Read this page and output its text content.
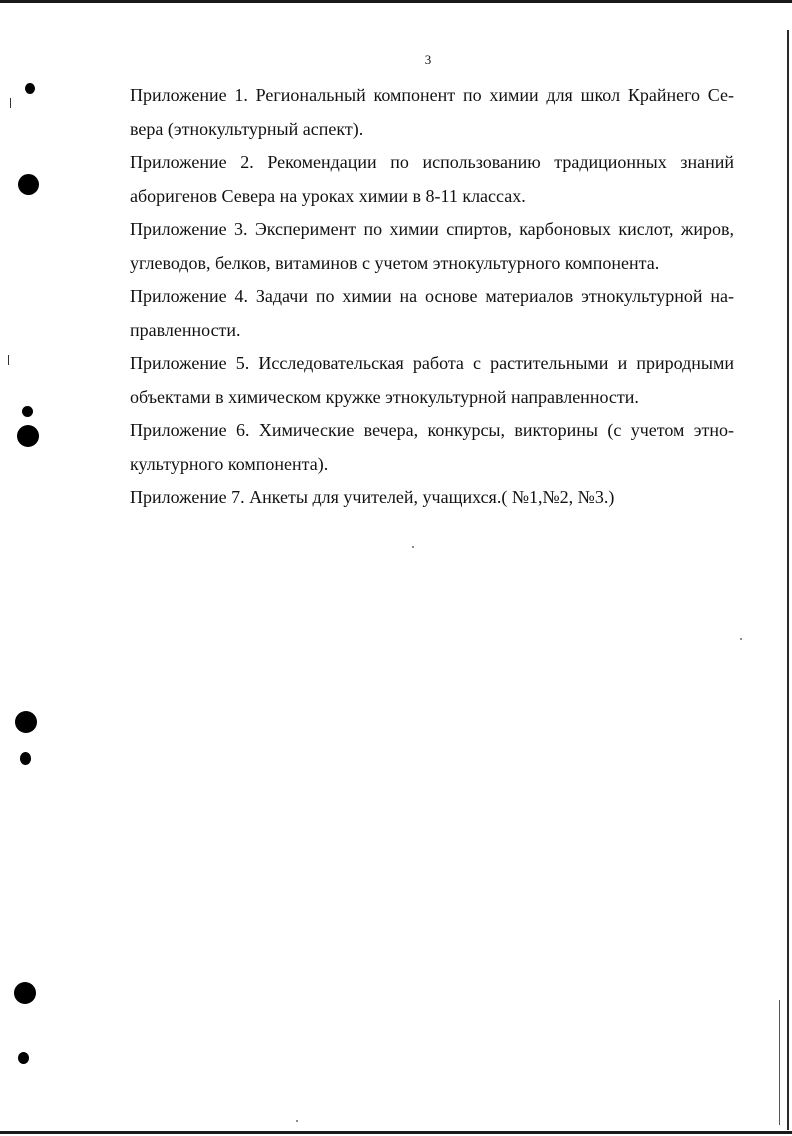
3

Приложение 1. Региональный компонент по химии для школ Крайнего Се-вера (этнокультурный аспект).

Приложение 2. Рекомендации по использованию традиционных знаний аборигенов Севера на уроках химии в 8-11 классах.

Приложение 3. Эксперимент по химии спиртов, карбоновых кислот, жиров, углеводов, белков, витаминов с учетом этнокультурного компонента.

Приложение 4. Задачи по химии на основе материалов этнокультурной на-правленности.

Приложение 5. Исследовательская работа с растительными и природными объектами в химическом кружке этнокультурной направленности.

Приложение 6. Химические вечера, конкурсы, викторины (с учетом этно-культурного компонента).

Приложение 7. Анкеты для учителей, учащихся.( №1,№2, №3.)
